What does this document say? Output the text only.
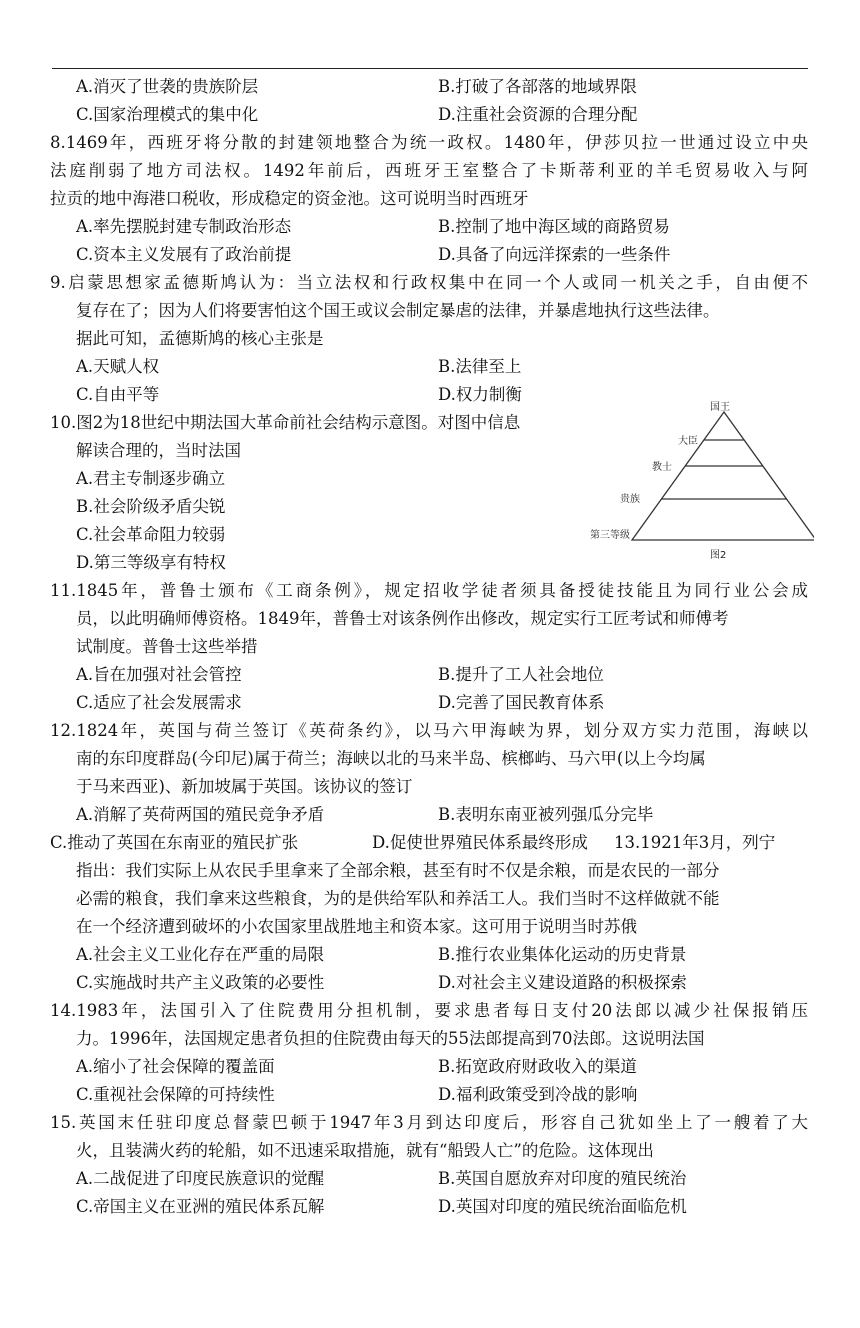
A.消灭了世袭的贵族阶层	B.打破了各部落的地域界限
C.国家治理模式的集中化	D.注重社会资源的合理分配
8.1469年，西班牙将分散的封建领地整合为统一政权。1480年，伊莎贝拉一世通过设立中央
法庭削弱了地方司法权。1492年前后，西班牙王室整合了卡斯蒂利亚的羊毛贸易收入与阿
拉贡的地中海港口税收，形成稳定的资金池。这可说明当时西班牙
A.率先摆脱封建专制政治形态	B.控制了地中海区域的商路贸易
C.资本主义发展有了政治前提	D.具备了向远洋探索的一些条件
9.启蒙思想家孟德斯鸠认为：当立法权和行政权集中在同一个人或同一机关之手，自由便不
复存在了；因为人们将要害怕这个国王或议会制定暴虐的法律，并暴虐地执行这些法律。
据此可知，孟德斯鸠的核心主张是
A.天赋人权	B.法律至上
C.自由平等	D.权力制衡
10.图2为18世纪中期法国大革命前社会结构示意图。对图中信息
解读合理的，当时法国
A.君主专制逐步确立
B.社会阶级矛盾尖锐
C.社会革命阻力较弱
D.第三等级享有特权
国王
大臣
教士
贵族
第三等级
图2
11.1845年，普鲁士颁布《工商条例》，规定招收学徒者须具备授徒技能且为同行业公会成
员，以此明确师傅资格。1849年，普鲁士对该条例作出修改，规定实行工匠考试和师傅考
试制度。普鲁士这些举措
A.旨在加强对社会管控	B.提升了工人社会地位
C.适应了社会发展需求	D.完善了国民教育体系
12.1824年，英国与荷兰签订《英荷条约》，以马六甲海峡为界，划分双方实力范围，海峡以
南的东印度群岛(今印尼)属于荷兰；海峡以北的马来半岛、槟榔屿、马六甲(以上今均属
于马来西亚)、新加坡属于英国。该协议的签订
A.消解了英荷两国的殖民竞争矛盾	B.表明东南亚被列强瓜分完毕
C.推动了英国在东南亚的殖民扩张	D.促使世界殖民体系最终形成 13.1921年3月，列宁
指出：我们实际上从农民手里拿来了全部余粮，甚至有时不仅是余粮，而是农民的一部分
必需的粮食，我们拿来这些粮食，为的是供给军队和养活工人。我们当时不这样做就不能
在一个经济遭到破坏的小农国家里战胜地主和资本家。这可用于说明当时苏俄
A.社会主义工业化存在严重的局限	B.推行农业集体化运动的历史背景
C.实施战时共产主义政策的必要性	D.对社会主义建设道路的积极探索
14.1983年，法国引入了住院费用分担机制，要求患者每日支付20法郎以减少社保报销压
力。1996年，法国规定患者负担的住院费由每天的55法郎提高到70法郎。这说明法国
A.缩小了社会保障的覆盖面	B.拓宽政府财政收入的渠道
C.重视社会保障的可持续性	D.福利政策受到冷战的影响
15.英国末任驻印度总督蒙巴顿于1947年3月到达印度后，形容自己犹如坐上了一艘着了大
火，且装满火药的轮船，如不迅速采取措施，就有“船毁人亡”的危险。这体现出
A.二战促进了印度民族意识的觉醒	B.英国自愿放弃对印度的殖民统治
C.帝国主义在亚洲的殖民体系瓦解	D.英国对印度的殖民统治面临危机
